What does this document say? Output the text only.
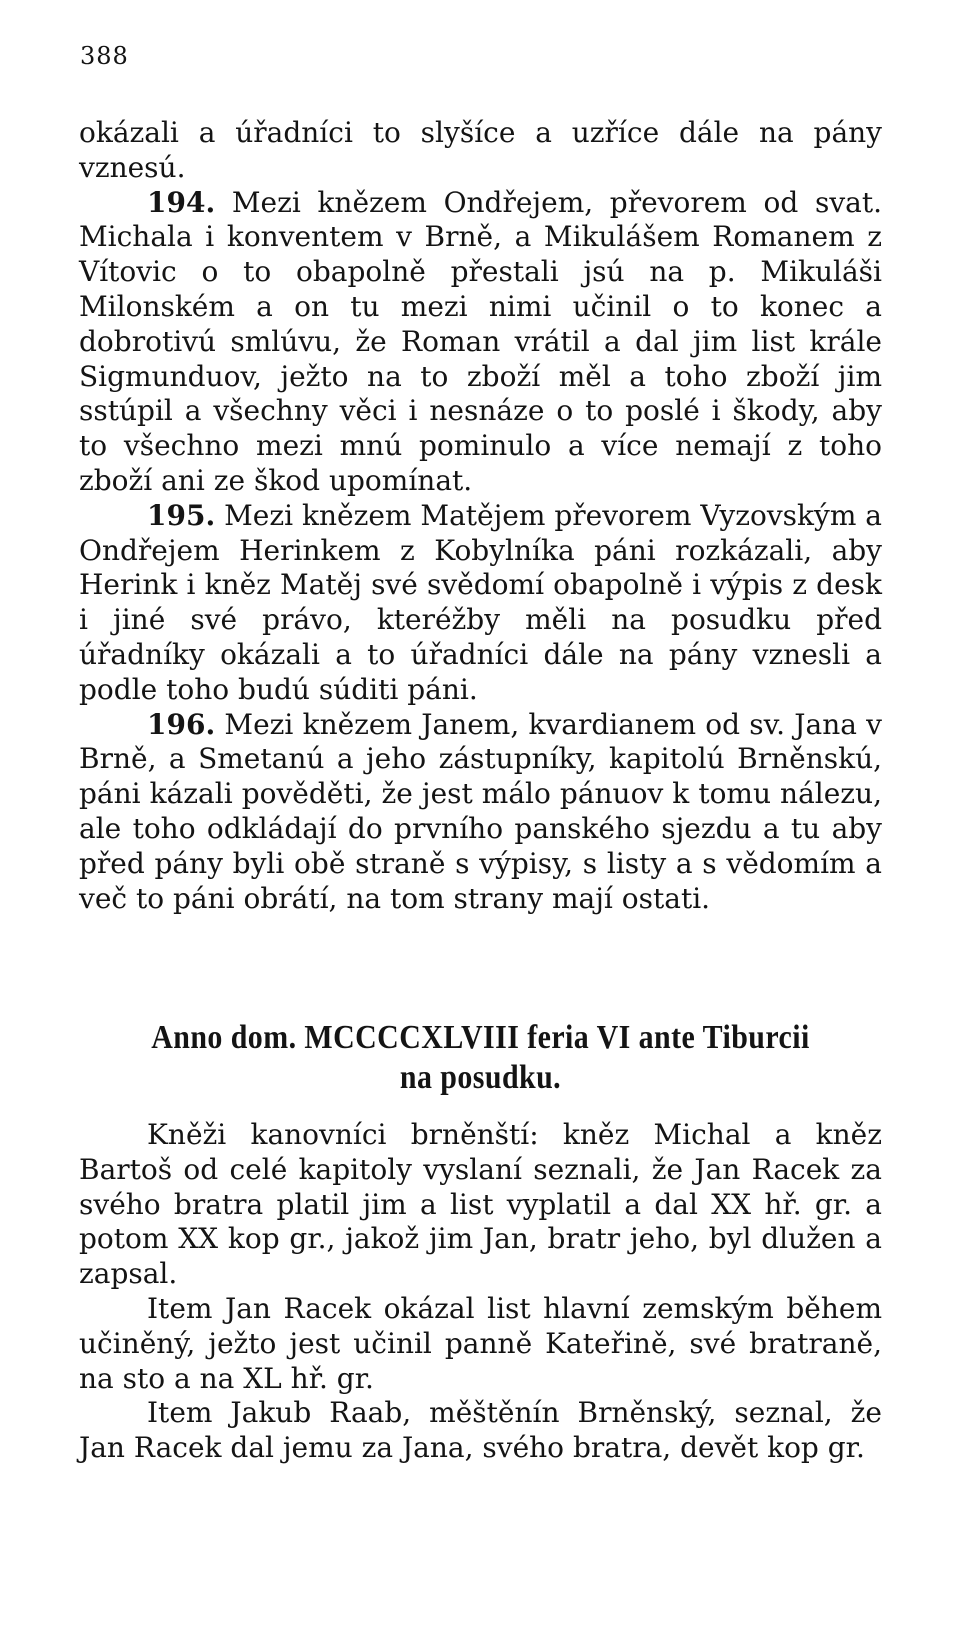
388

okázali a úřadníci to slyšíce a uzříce dále na pány vznesú.

194. Mezi knězem Ondřejem, převorem od svat. Michala i konventem v Brně, a Mikulášem Romanem z Vítovic o to obapolně přestali jsú na p. Mikuláši Milonském a on tu mezi nimi učinil o to konec a dobrotivú smlúvu, že Roman vrátil a dal jim list krále Sigmunduov, ježto na to zboží měl a toho zboží jim sstúpil a všechny věci i nesnáze o to poslé i škody, aby to všechno mezi mnú pominulo a více nemají z toho zboží ani ze škod upomínat.

195. Mezi knězem Matějem převorem Vyzovským a Ondřejem Herinkem z Kobylníka páni rozkázali, aby Herink i kněz Matěj své svědomí obapolně i výpis z desk i jiné své právo, kteréžby měli na posudku před úřadníky okázali a to úřadníci dále na pány vznesli a podle toho budú súditi páni.

196. Mezi knězem Janem, kvardianem od sv. Jana v Brně, a Smetanú a jeho zástupníky, kapitolú Brněnskú, páni kázali pověděti, že jest málo pánuov k tomu nálezu, ale toho odkládají do prvního panského sjezdu a tu aby před pány byli obě straně s výpisy, s listy a s vědomím a več to páni obrátí, na tom strany mají ostati.

Anno dom. MCCCCXLVIII feria VI ante Tiburcii
na posudku.

Kněži kanovníci brněnští: kněz Michal a kněz Bartoš od celé kapitoly vyslaní seznali, že Jan Racek za svého bratra platil jim a list vyplatil a dal XX hř. gr. a potom XX kop gr., jakož jim Jan, bratr jeho, byl dlužen a zapsal.

Item Jan Racek okázal list hlavní zemským během učiněný, ježto jest učinil panně Kateřině, své bratraně, na sto a na XL hř. gr.

Item Jakub Raab, měštěnín Brněnský, seznal, že Jan Racek dal jemu za Jana, svého bratra, devět kop gr.
